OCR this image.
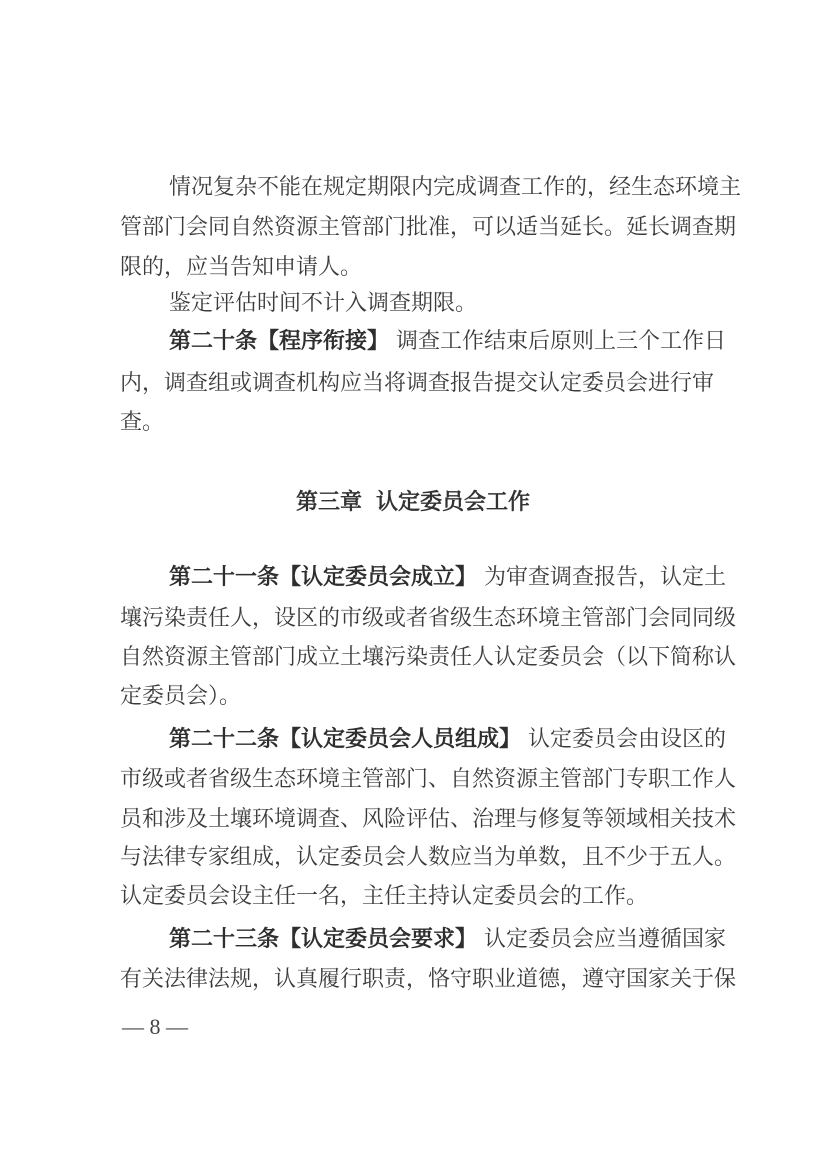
情况复杂不能在规定期限内完成调查工作的，经生态环境主
管部门会同自然资源主管部门批准，可以适当延长。延长调查期
限的，应当告知申请人。
鉴定评估时间不计入调查期限。
第二十条【程序衔接】 调查工作结束后原则上三个工作日
内，调查组或调查机构应当将调查报告提交认定委员会进行审
查。
第三章 认定委员会工作
第二十一条【认定委员会成立】 为审查调查报告，认定土
壤污染责任人，设区的市级或者省级生态环境主管部门会同同级
自然资源主管部门成立土壤污染责任人认定委员会（以下简称认
定委员会）。
第二十二条【认定委员会人员组成】 认定委员会由设区的
市级或者省级生态环境主管部门、自然资源主管部门专职工作人
员和涉及土壤环境调查、风险评估、治理与修复等领域相关技术
与法律专家组成，认定委员会人数应当为单数，且不少于五人。
认定委员会设主任一名，主任主持认定委员会的工作。
第二十三条【认定委员会要求】 认定委员会应当遵循国家
有关法律法规，认真履行职责，恪守职业道德，遵守国家关于保
— 8 —
